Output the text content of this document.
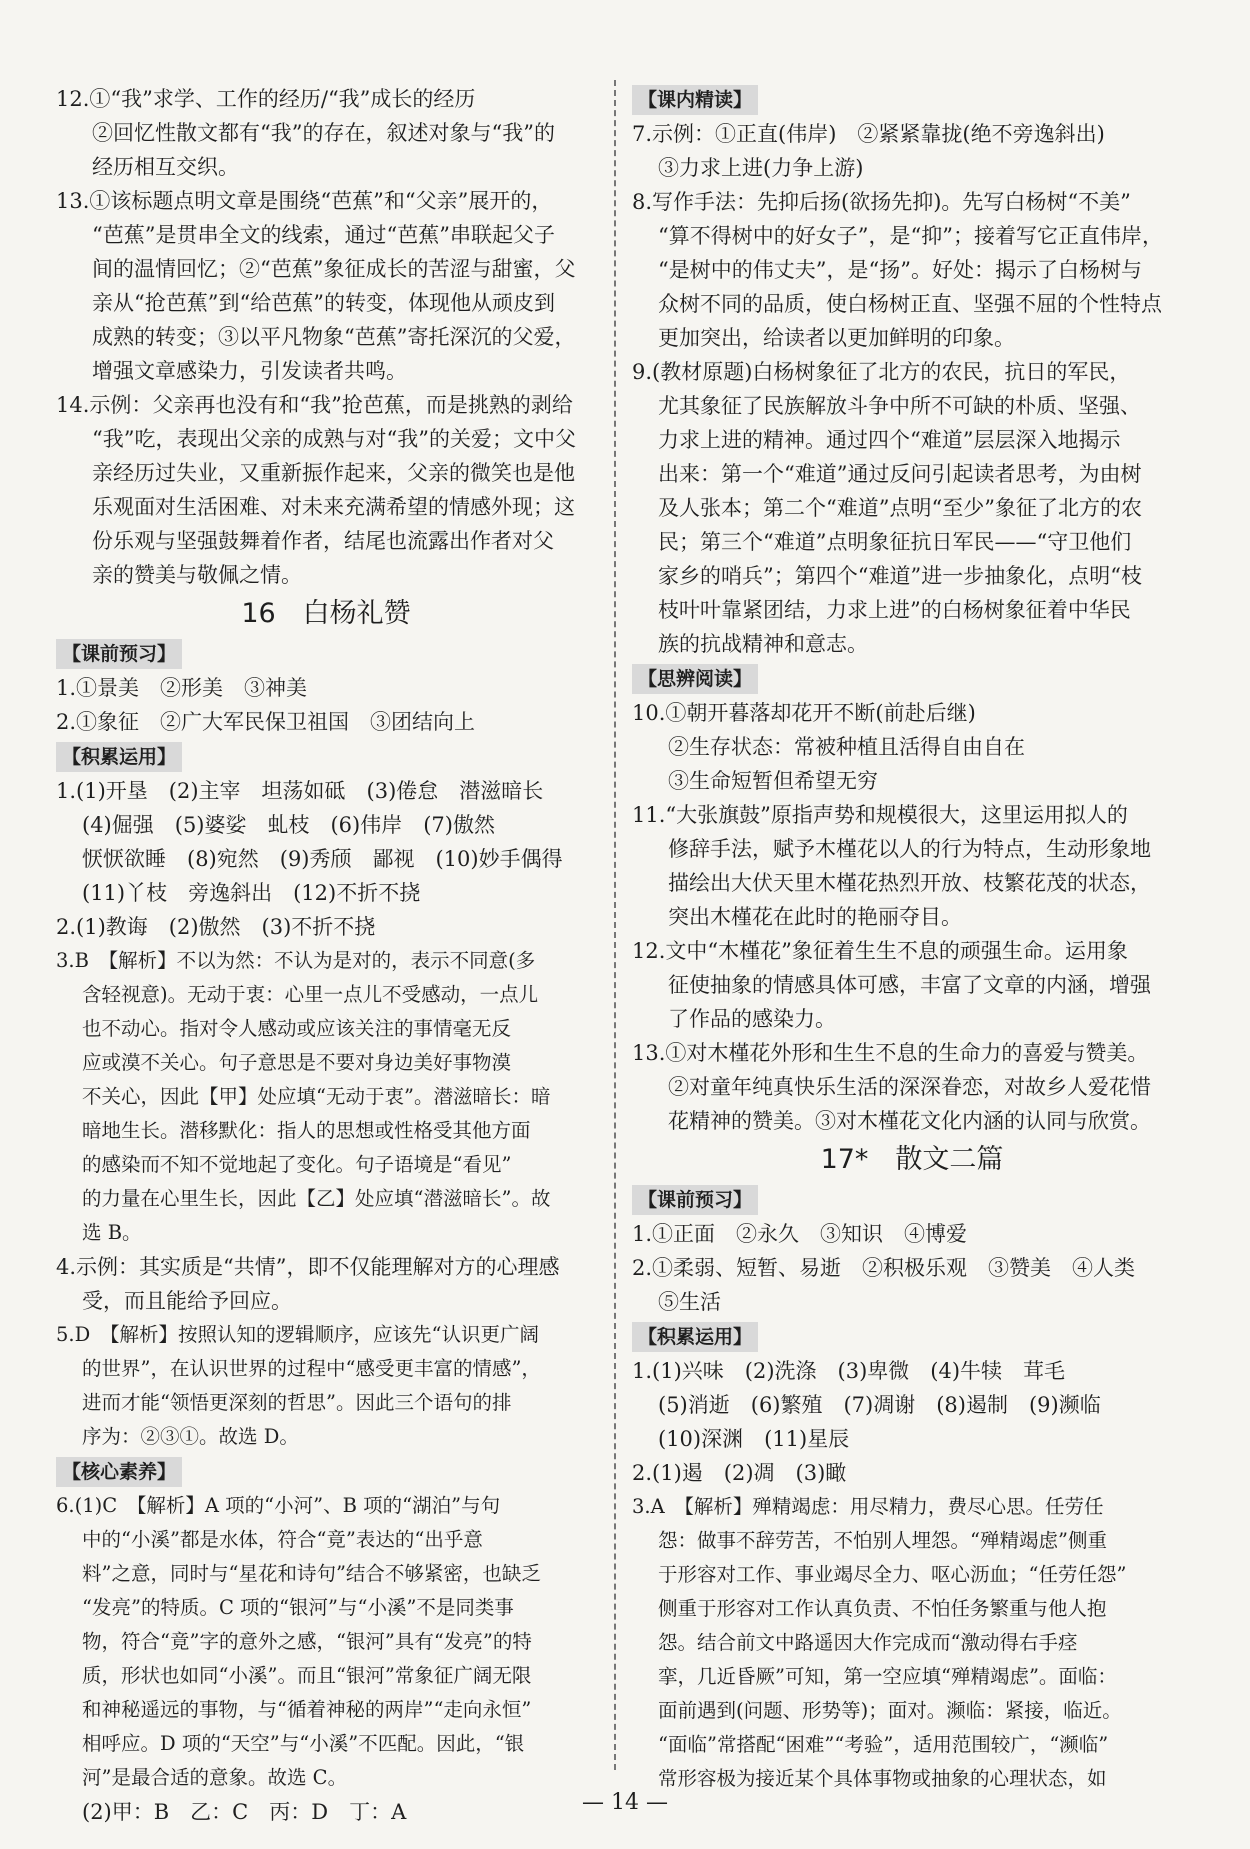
12.①“我”求学、工作的经历/“我”成长的经历
②回忆性散文都有“我”的存在，叙述对象与“我”的
经历相互交织。
13.①该标题点明文章是围绕“芭蕉”和“父亲”展开的，
“芭蕉”是贯串全文的线索，通过“芭蕉”串联起父子
间的温情回忆；②“芭蕉”象征成长的苦涩与甜蜜，父
亲从“抢芭蕉”到“给芭蕉”的转变，体现他从顽皮到
成熟的转变；③以平凡物象“芭蕉”寄托深沉的父爱，
增强文章感染力，引发读者共鸣。
14.示例：父亲再也没有和“我”抢芭蕉，而是挑熟的剥给
“我”吃，表现出父亲的成熟与对“我”的关爱；文中父
亲经历过失业，又重新振作起来，父亲的微笑也是他
乐观面对生活困难、对未来充满希望的情感外现；这
份乐观与坚强鼓舞着作者，结尾也流露出作者对父
亲的赞美与敬佩之情。
16　白杨礼赞
【课前预习】
1.①景美　②形美　③神美
2.①象征　②广大军民保卫祖国　③团结向上
【积累运用】
1.(1)开垦　(2)主宰　坦荡如砥　(3)倦怠　潜滋暗长
(4)倔强　(5)婆娑　虬枝　(6)伟岸　(7)傲然
恹恹欲睡　(8)宛然　(9)秀颀　鄙视　(10)妙手偶得
(11)丫枝　旁逸斜出　(12)不折不挠
2.(1)教诲　(2)傲然　(3)不折不挠
3.B　【解析】不以为然：不认为是对的，表示不同意(多
含轻视意)。无动于衷：心里一点儿不受感动，一点儿
也不动心。指对令人感动或应该关注的事情毫无反
应或漠不关心。句子意思是不要对身边美好事物漠
不关心，因此【甲】处应填“无动于衷”。潜滋暗长：暗
暗地生长。潜移默化：指人的思想或性格受其他方面
的感染而不知不觉地起了变化。句子语境是“看见”
的力量在心里生长，因此【乙】处应填“潜滋暗长”。故
选 B。
4.示例：其实质是“共情”，即不仅能理解对方的心理感
受，而且能给予回应。
5.D　【解析】按照认知的逻辑顺序，应该先“认识更广阔
的世界”，在认识世界的过程中“感受更丰富的情感”，
进而才能“领悟更深刻的哲思”。因此三个语句的排
序为：②③①。故选 D。
【核心素养】
6.(1)C　【解析】A 项的“小河”、B 项的“湖泊”与句
中的“小溪”都是水体，符合“竟”表达的“出乎意
料”之意，同时与“星花和诗句”结合不够紧密，也缺乏
“发亮”的特质。C 项的“银河”与“小溪”不是同类事
物，符合“竟”字的意外之感，“银河”具有“发亮”的特
质，形状也如同“小溪”。而且“银河”常象征广阔无限
和神秘遥远的事物，与“循着神秘的两岸”“走向永恒”
相呼应。D 项的“天空”与“小溪”不匹配。因此，“银
河”是最合适的意象。故选 C。
(2)甲：B　乙：C　丙：D　丁：A
【课内精读】
7.示例：①正直(伟岸)　②紧紧靠拢(绝不旁逸斜出)
③力求上进(力争上游)
8.写作手法：先抑后扬(欲扬先抑)。先写白杨树“不美”
“算不得树中的好女子”，是“抑”；接着写它正直伟岸，
“是树中的伟丈夫”，是“扬”。好处：揭示了白杨树与
众树不同的品质，使白杨树正直、坚强不屈的个性特点
更加突出，给读者以更加鲜明的印象。
9.(教材原题)白杨树象征了北方的农民，抗日的军民，
尤其象征了民族解放斗争中所不可缺的朴质、坚强、
力求上进的精神。通过四个“难道”层层深入地揭示
出来：第一个“难道”通过反问引起读者思考，为由树
及人张本；第二个“难道”点明“至少”象征了北方的农
民；第三个“难道”点明象征抗日军民——“守卫他们
家乡的哨兵”；第四个“难道”进一步抽象化，点明“枝
枝叶叶靠紧团结，力求上进”的白杨树象征着中华民
族的抗战精神和意志。
【思辨阅读】
10.①朝开暮落却花开不断(前赴后继)
②生存状态：常被种植且活得自由自在
③生命短暂但希望无穷
11.“大张旗鼓”原指声势和规模很大，这里运用拟人的
修辞手法，赋予木槿花以人的行为特点，生动形象地
描绘出大伏天里木槿花热烈开放、枝繁花茂的状态，
突出木槿花在此时的艳丽夺目。
12.文中“木槿花”象征着生生不息的顽强生命。运用象
征使抽象的情感具体可感，丰富了文章的内涵，增强
了作品的感染力。
13.①对木槿花外形和生生不息的生命力的喜爱与赞美。
②对童年纯真快乐生活的深深眷恋，对故乡人爱花惜
花精神的赞美。③对木槿花文化内涵的认同与欣赏。
17*　散文二篇
【课前预习】
1.①正面　②永久　③知识　④博爱
2.①柔弱、短暂、易逝　②积极乐观　③赞美　④人类
⑤生活
【积累运用】
1.(1)兴味　(2)洗涤　(3)卑微　(4)牛犊　茸毛
(5)消逝　(6)繁殖　(7)凋谢　(8)遏制　(9)濒临
(10)深渊　(11)星辰
2.(1)遏　(2)凋　(3)瞰
3.A　【解析】殚精竭虑：用尽精力，费尽心思。任劳任
怨：做事不辞劳苦，不怕别人埋怨。“殚精竭虑”侧重
于形容对工作、事业竭尽全力、呕心沥血；“任劳任怨”
侧重于形容对工作认真负责、不怕任务繁重与他人抱
怨。结合前文中路遥因大作完成而“激动得右手痉
挛，几近昏厥”可知，第一空应填“殚精竭虑”。面临：
面前遇到(问题、形势等)；面对。濒临：紧接，临近。
“面临”常搭配“困难”“考验”，适用范围较广，“濒临”
常形容极为接近某个具体事物或抽象的心理状态，如
— 14 —
